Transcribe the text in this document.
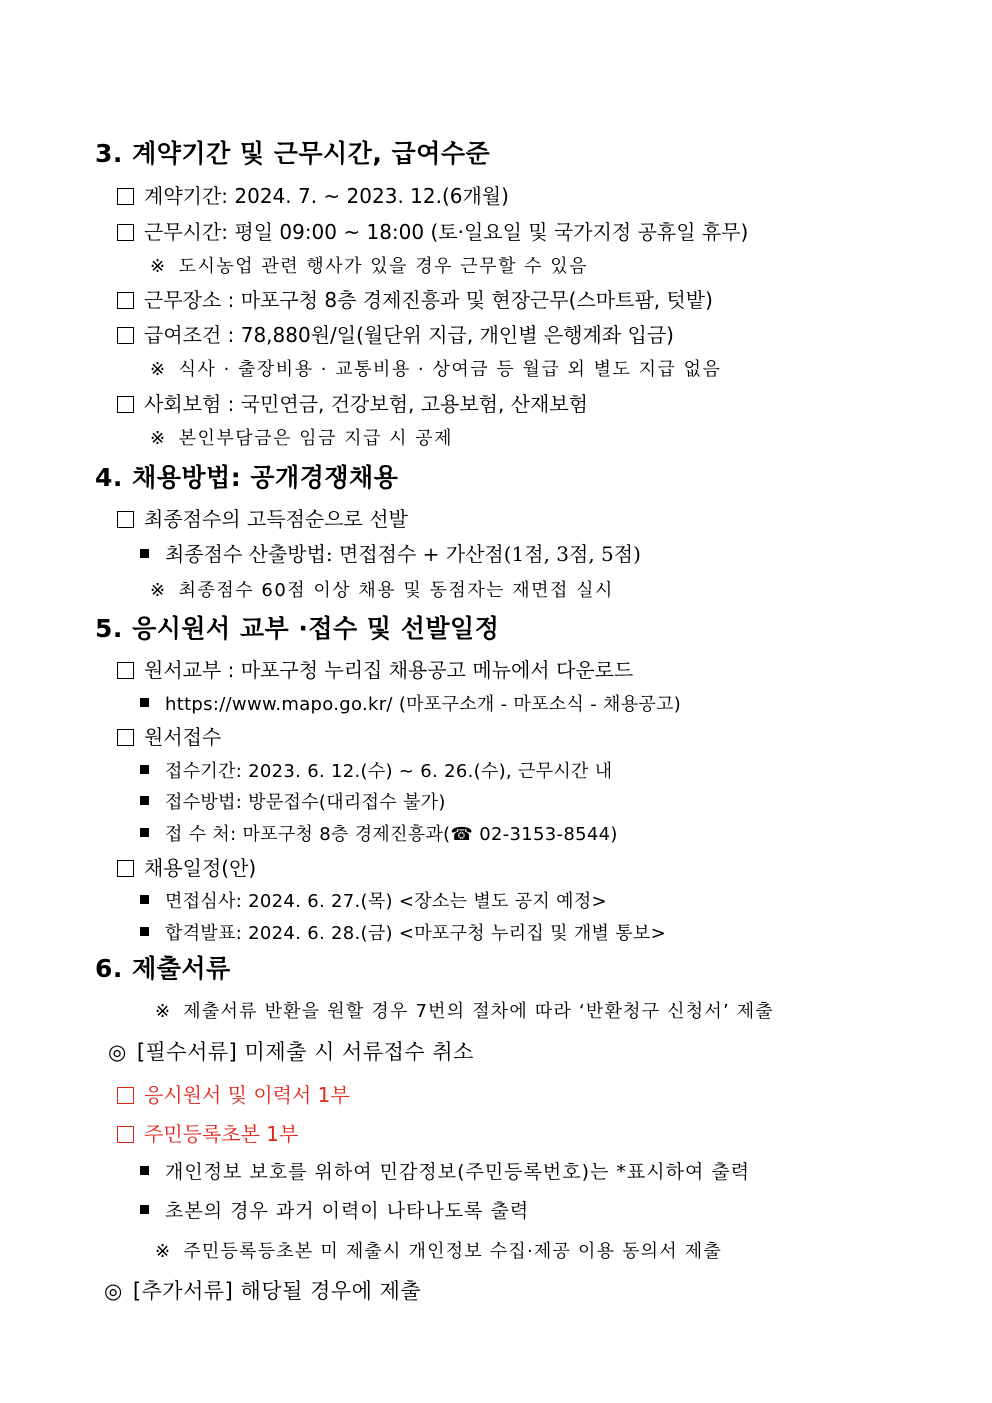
3. 계약기간 및 근무시간, 급여수준
계약기간: 2024. 7. ~ 2023. 12.(6개월)
근무시간: 평일 09:00 ~ 18:00 (토·일요일 및 국가지정 공휴일 휴무)
※ 도시농업 관련 행사가 있을 경우 근무할 수 있음
근무장소 : 마포구청 8층 경제진흥과 및 현장근무(스마트팜, 텃밭)
급여조건 : 78,880원/일(월단위 지급, 개인별 은행계좌 입금)
※ 식사 · 출장비용 · 교통비용 · 상여금 등 월급 외 별도 지급 없음
사회보험 : 국민연금, 건강보험, 고용보험, 산재보험
※ 본인부담금은 임금 지급 시 공제
4. 채용방법: 공개경쟁채용
최종점수의 고득점순으로 선발
최종점수 산출방법: 면접점수 + 가산점(1점, 3점, 5점)
※ 최종점수 60점 이상 채용 및 동점자는 재면접 실시
5. 응시원서 교부 ·접수 및 선발일정
원서교부 : 마포구청 누리집 채용공고 메뉴에서 다운로드
https://www.mapo.go.kr/ (마포구소개 - 마포소식 - 채용공고)
원서접수
접수기간: 2023. 6. 12.(수) ~ 6. 26.(수), 근무시간 내
접수방법: 방문접수(대리접수 불가)
접 수 처: 마포구청 8층 경제진흥과(☎ 02-3153-8544)
채용일정(안)
면접심사: 2024. 6. 27.(목) <장소는 별도 공지 예정>
합격발표: 2024. 6. 28.(금) <마포구청 누리집 및 개별 통보>
6. 제출서류
※ 제출서류 반환을 원할 경우 7번의 절차에 따라 ‘반환청구 신청서’ 제출
◎ [필수서류] 미제출 시 서류접수 취소
응시원서 및 이력서 1부
주민등록초본 1부
개인정보 보호를 위하여 민감정보(주민등록번호)는 *표시하여 출력
초본의 경우 과거 이력이 나타나도록 출력
※ 주민등록등초본 미 제출시 개인정보 수집·제공 이용 동의서 제출
◎ [추가서류] 해당될 경우에 제출
